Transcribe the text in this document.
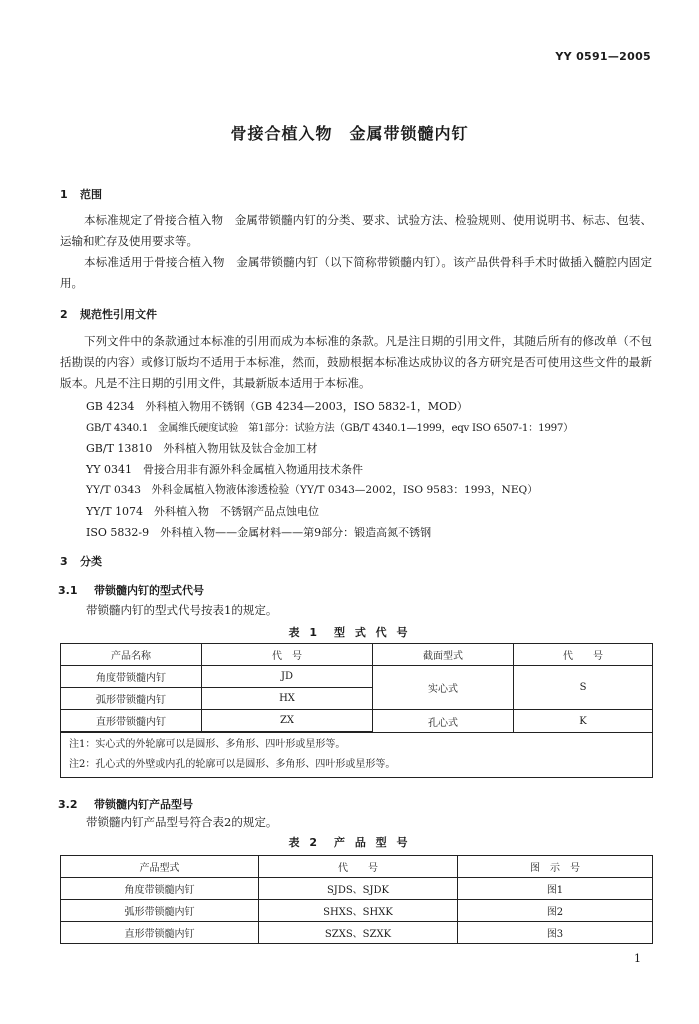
YY 0591—2005
骨接合植入物　金属带锁髓内钉
1 范围

本标准规定了骨接合植入物　金属带锁髓内钉的分类、要求、试验方法、检验规则、使用说明书、标志、包装、运输和贮存及使用要求等。

本标准适用于骨接合植入物　金属带锁髓内钉（以下简称带锁髓内钉）。该产品供骨科手术时做插入髓腔内固定用。

2 规范性引用文件

下列文件中的条款通过本标准的引用而成为本标准的条款。凡是注日期的引用文件，其随后所有的修改单（不包括勘误的内容）或修订版均不适用于本标准，然而，鼓励根据本标准达成协议的各方研究是否可使用这些文件的最新版本。凡是不注日期的引用文件，其最新版本适用于本标准。

GB 4234　外科植入物用不锈钢（GB 4234—2003，ISO 5832-1，MOD）
GB/T 4340.1　金属维氏硬度试验　第1部分：试验方法（GB/T 4340.1—1999，eqv ISO 6507-1：1997）
GB/T 13810　外科植入物用钛及钛合金加工材
YY 0341　骨接合用非有源外科金属植入物通用技术条件
YY/T 0343　外科金属植入物液体渗透检验（YY/T 0343—2002，ISO 9583：1993，NEQ）
YY/T 1074　外科植入物　不锈钢产品点蚀电位
ISO 5832-9　外科植入物——金属材料——第9部分：锻造高氮不锈钢
3 分类
3.1 带锁髓内钉的型式代号
带锁髓内钉的型式代号按表1的规定。
表 1　型 式 代 号
产品名称	代　号	截面型式	代　　号
角度带锁髓内钉	JD	实心式	S
弧形带锁髓内钉	HX		
直形带锁髓内钉	ZX	孔心式	K

注1：实心式的外轮廓可以是圆形、多角形、四叶形或星形等。
注2：孔心式的外壁或内孔的轮廓可以是圆形、多角形、四叶形或星形等。			
3.2 带锁髓内钉产品型号
带锁髓内钉产品型号符合表2的规定。
表 2　产 品 型 号
产品型式	代　　号	图　示　号
角度带锁髓内钉	SJDS、SJDK	图1
弧形带锁髓内钉	SHXS、SHXK	图2
直形带锁髓内钉	SZXS、SZXK	图3
1
